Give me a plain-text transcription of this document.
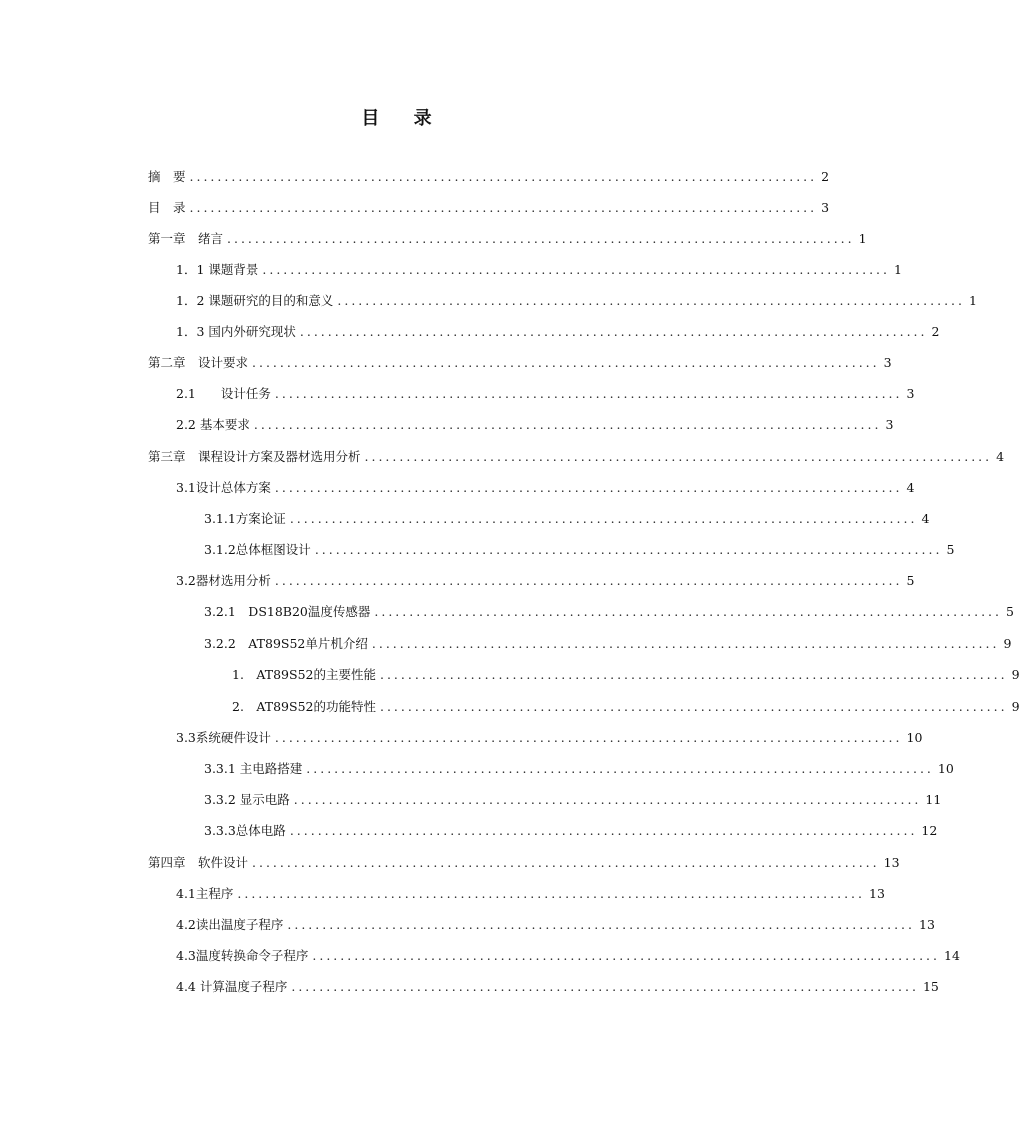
目 录
摘　要 .......................................................................................... 2
目　录 .......................................................................................... 3
第一章　绪言 .......................................................................................... 1
1．1 课题背景 .......................................................................................... 1
1．2 课题研究的目的和意义 .......................................................................................... 1
1．3 国内外研究现状 .......................................................................................... 2
第二章　设计要求 .......................................................................................... 3
2.1　　设计任务 .......................................................................................... 3
2.2 基本要求 .......................................................................................... 3
第三章　课程设计方案及器材选用分析 .......................................................................................... 4
3.1设计总体方案 .......................................................................................... 4
3.1.1方案论证 .......................................................................................... 4
3.1.2总体框图设计 .......................................................................................... 5
3.2器材选用分析 .......................................................................................... 5
3.2.1　DS18B20温度传感器 .......................................................................................... 5
3.2.2　AT89S52单片机介绍 .......................................................................................... 9
1.　AT89S52的主要性能 .......................................................................................... 9
2.　AT89S52的功能特性 .......................................................................................... 9
3.3系统硬件设计 .......................................................................................... 10
3.3.1 主电路搭建 .......................................................................................... 10
3.3.2 显示电路 .......................................................................................... 11
3.3.3总体电路 .......................................................................................... 12
第四章　软件设计 .......................................................................................... 13
4.1主程序 .......................................................................................... 13
4.2读出温度子程序 .......................................................................................... 13
4.3温度转换命令子程序 .......................................................................................... 14
4.4 计算温度子程序 .......................................................................................... 15
